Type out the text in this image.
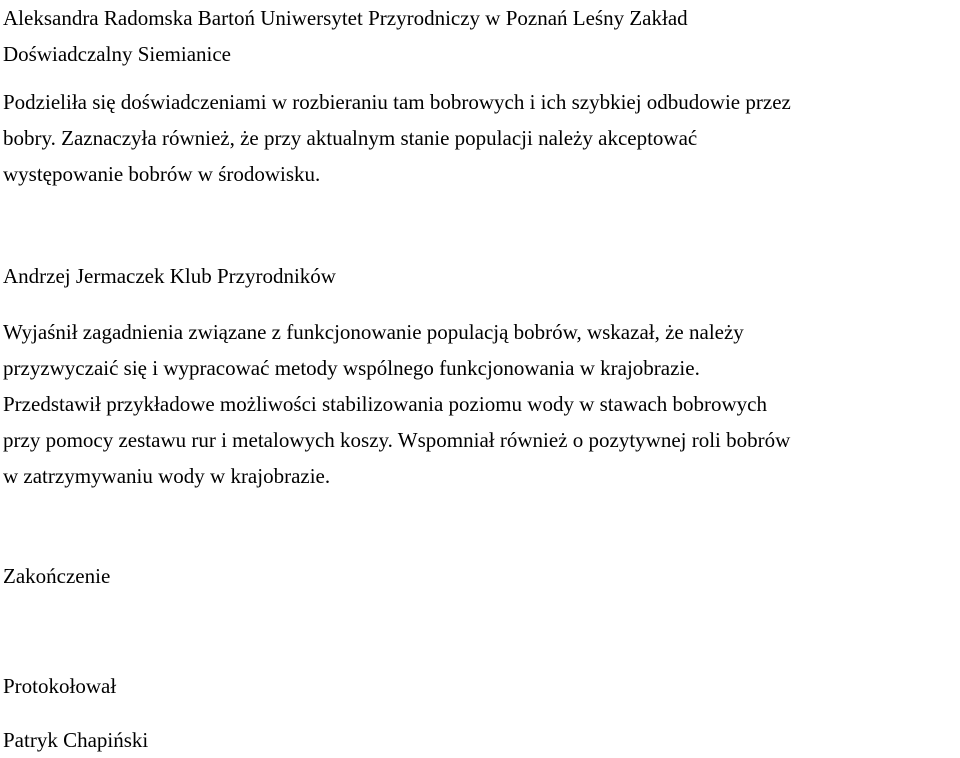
Aleksandra Radomska Bartoń Uniwersytet Przyrodniczy w Poznań Leśny Zakład
Doświadczalny Siemianice
Podzieliła się doświadczeniami w rozbieraniu tam bobrowych i ich szybkiej odbudowie przez
bobry. Zaznaczyła również, że przy aktualnym stanie populacji należy akceptować
występowanie bobrów w środowisku.
Andrzej Jermaczek Klub Przyrodników
Wyjaśnił zagadnienia związane z funkcjonowanie populacją bobrów, wskazał, że należy
przyzwyczaić się i wypracować metody wspólnego funkcjonowania w krajobrazie.
Przedstawił przykładowe możliwości stabilizowania poziomu wody w stawach bobrowych
przy pomocy zestawu rur i metalowych koszy. Wspomniał również o pozytywnej roli bobrów
w zatrzymywaniu wody w krajobrazie.
Zakończenie
Protokołował
Patryk Chapiński
